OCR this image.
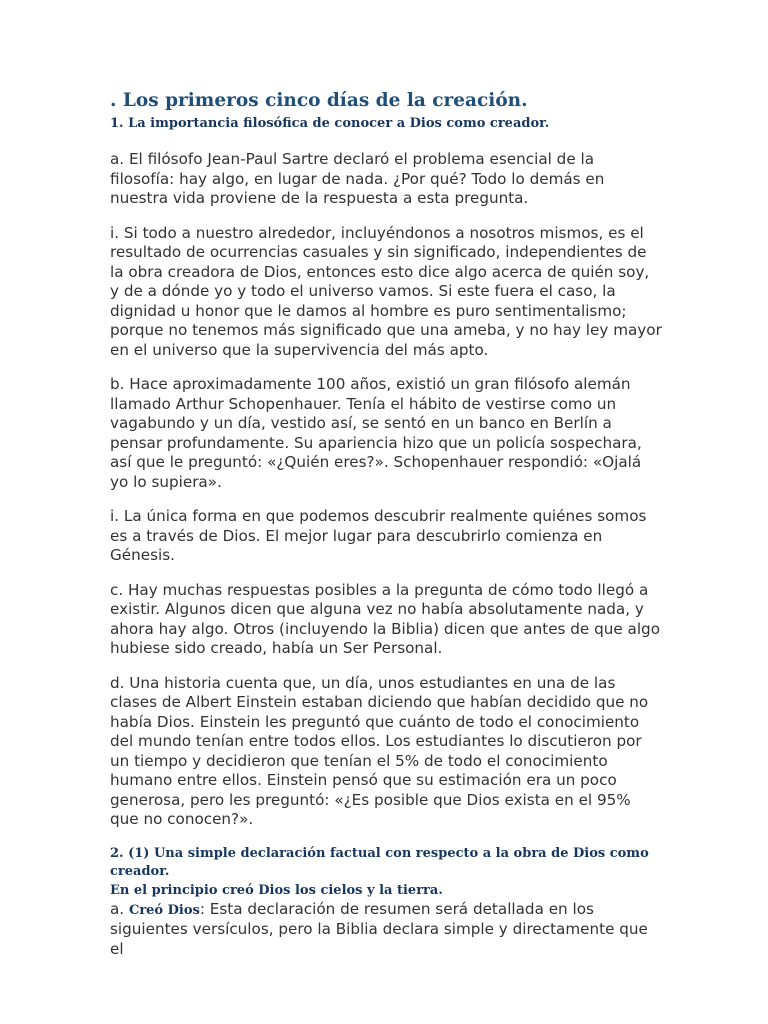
. Los primeros cinco días de la creación.
1. La importancia filosófica de conocer a Dios como creador.

a. El filósofo Jean-Paul Sartre declaró el problema esencial de la filosofía: hay algo, en lugar de nada. ¿Por qué? Todo lo demás en nuestra vida proviene de la respuesta a esta pregunta.

i. Si todo a nuestro alrededor, incluyéndonos a nosotros mismos, es el resultado de ocurrencias casuales y sin significado, independientes de la obra creadora de Dios, entonces esto dice algo acerca de quién soy, y de a dónde yo y todo el universo vamos. Si este fuera el caso, la dignidad u honor que le damos al hombre es puro sentimentalismo; porque no tenemos más significado que una ameba, y no hay ley mayor en el universo que la supervivencia del más apto.

b. Hace aproximadamente 100 años, existió un gran filósofo alemán llamado Arthur Schopenhauer. Tenía el hábito de vestirse como un vagabundo y un día, vestido así, se sentó en un banco en Berlín a pensar profundamente. Su apariencia hizo que un policía sospechara, así que le preguntó: «¿Quién eres?». Schopenhauer respondió: «Ojalá yo lo supiera».

i. La única forma en que podemos descubrir realmente quiénes somos es a través de Dios. El mejor lugar para descubrirlo comienza en Génesis.

c. Hay muchas respuestas posibles a la pregunta de cómo todo llegó a existir. Algunos dicen que alguna vez no había absolutamente nada, y ahora hay algo. Otros (incluyendo la Biblia) dicen que antes de que algo hubiese sido creado, había un Ser Personal.

d. Una historia cuenta que, un día, unos estudiantes en una de las clases de Albert Einstein estaban diciendo que habían decidido que no había Dios. Einstein les preguntó que cuánto de todo el conocimiento del mundo tenían entre todos ellos. Los estudiantes lo discutieron por un tiempo y decidieron que tenían el 5% de todo el conocimiento humano entre ellos. Einstein pensó que su estimación era un poco generosa, pero les preguntó: «¿Es posible que Dios exista en el 95% que no conocen?».

2. (1) Una simple declaración factual con respecto a la obra de Dios como creador.
En el principio creó Dios los cielos y la tierra.

a. Creó Dios: Esta declaración de resumen será detallada en los siguientes versículos, pero la Biblia declara simple y directamente que el
